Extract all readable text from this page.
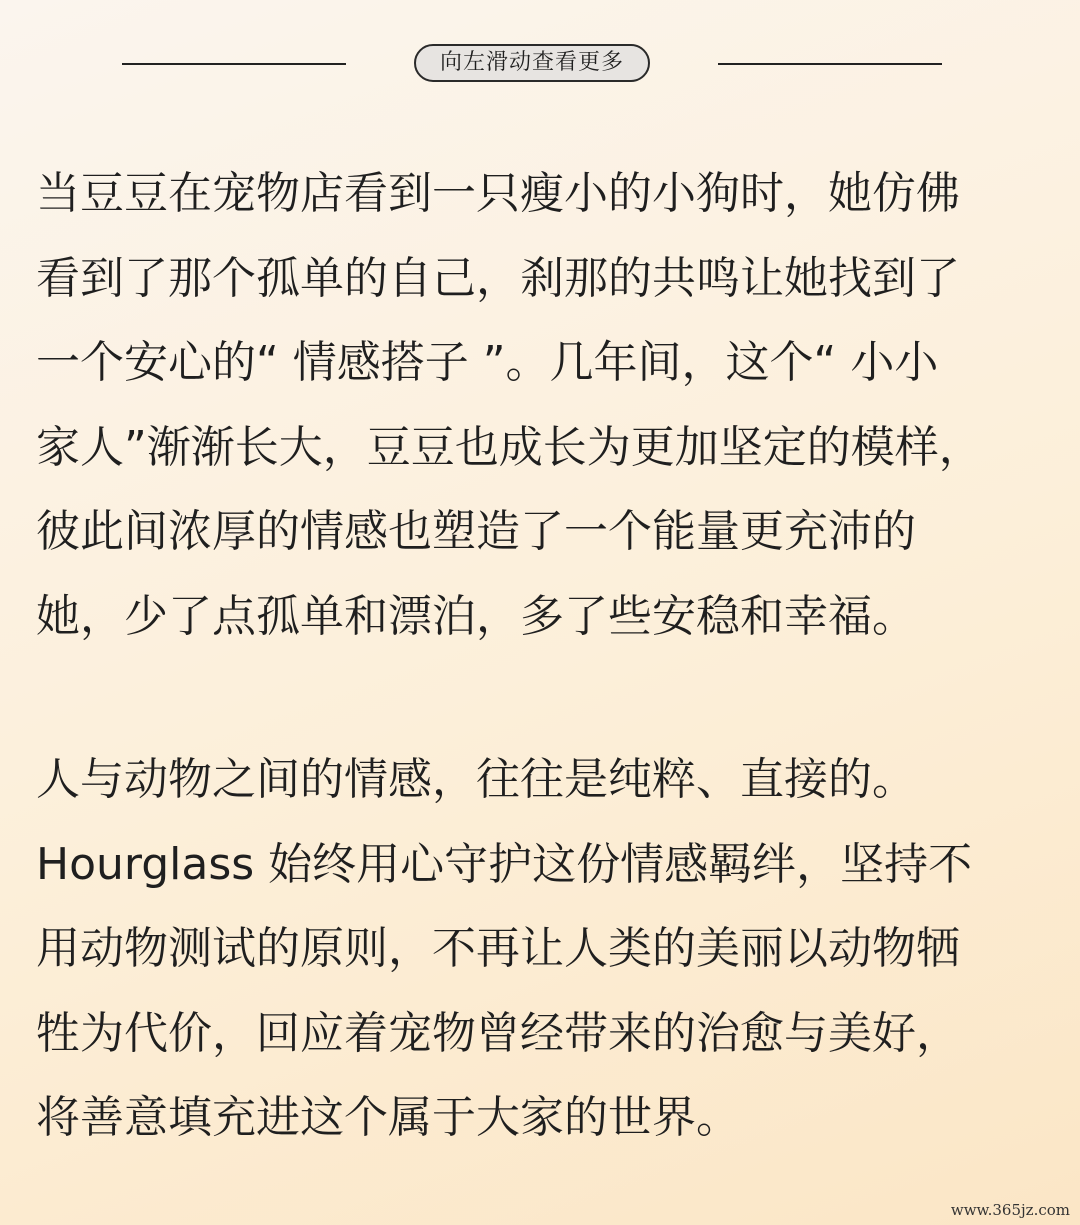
向左滑动查看更多
当豆豆在宠物店看到一只瘦小的小狗时，她仿佛
看到了那个孤单的自己，刹那的共鸣让她找到了
一个安心的“ 情感搭子 ”。几年间，这个“ 小小
家人”渐渐长大，豆豆也成长为更加坚定的模样，
彼此间浓厚的情感也塑造了一个能量更充沛的
她，少了点孤单和漂泊，多了些安稳和幸福。
人与动物之间的情感，往往是纯粹、直接的。
Hourglass 始终用心守护这份情感羁绊，坚持不
用动物测试的原则，不再让人类的美丽以动物牺
牲为代价，回应着宠物曾经带来的治愈与美好，
将善意填充进这个属于大家的世界。
www.365jz.com
